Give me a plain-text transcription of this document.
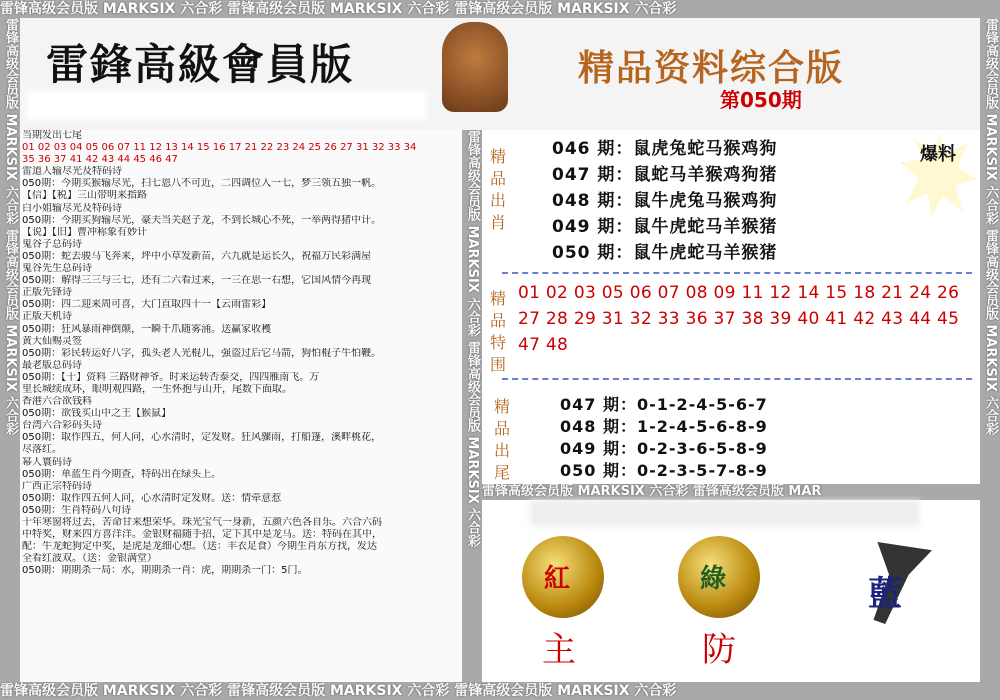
雷锋高级会员版 MARKSIX 六合彩 雷锋高级会员版 MARKSIX 六合彩 雷锋高级会员版 MARKSIX 六合彩
雷锋高级会员版 MARKSIX 六合彩 雷锋高级会员版 MARKSIX 六合彩 雷锋高级会员版 MARKSIX 六合彩
雷锋高级会员版 MARKSIX 六合彩 雷锋高级会员版 MARKSIX 六合彩	雷锋高级会员版 MARKSIX 六合彩 雷锋高级会员版 MARKSIX 六合彩
雷锋高级会员版 MARKSIX 六合彩 雷锋高级会员版 MARKSIX 六合彩 雷锋高级会员版 MARKSIX 六合彩 雷锋高级会员版 MAR
雷鋒高級會員版	精品资料综合版
第050期
当期发出七尾
01 02 03 04 05 06 07 11 12 13 14 15 16 17 21 22 23 24 25 26 27 31 32 33 34
35 36 37 41 42 43 44 45 46 47
雷道人输尽光及特码诗
050期：今期买猴输尽光，扫七恩八不可近，二四调位入一七，梦三领五独一帆。
【信】【税】三山带明来指路
白小姐输尽光及特码诗
050期：今期买狗输尽光，豪夫当关赵子龙，不到长城心不死，一举两得猪中计。
【说】【旧】曹冲称象有妙计
鬼谷子总码诗
050期：蛇去骏马飞奔来，坪中小草发新苗，六九就是运长久，祝福万民彩满屋
鬼谷先生总码诗
050期：解得三三与三七，还有二六看过来，一三在思一右想，它国风情今再现
正版先锋诗
050期：四二迎来周可喜，大门直取四十一【云雨雷彩】
正版天机诗
050期：狂风暴雨神倒颠，一瞬千爪随雾涌。送赢家收穫
黄大仙赐灵签
050期：彩民转运好八字，孤头老人光棍儿，强盗过后它马箭，狗怕棍子牛怕鞭。
最老版总码诗
050期：【十】资料 三路财神爷。时来运转否泰交，四四雁南飞。万
里长城续成环，眼明观四路，一生怀抱与山开，尾数下面取。
香港六合欲钱料
050期：欲钱买山中之王【猴鼠】
台湾六合彩码头诗
050期：取作四五，何人问，心水清时，定发财。狂风骤雨，打船篷，溪畔桃花，
尽落红。
幂人寰码诗
050期：单蓝生肖今期查，特码出在绿头上。
广西正宗特码诗
050期：取作四五何人问，心水清时定发财。送：情牵意惹
050期：生肖特码八句诗
十年寒窗将过去，苦命甘来想荣华。珠光宝气一身新，五颜六色各自乐。六合六码
中特奖，财来四方喜洋洋。金银财福随手招，定下其中是龙马。送：特码在其中，
配：牛龙蛇狗定中奖，是虎是龙细心想。（送：丰衣足食）今期生肖东方找，发达
全看红波双。（送：金银满堂）
050期：期期杀一局：水，期期杀一肖：虎，期期杀一门：5门。
精品出肖
046 期：鼠虎兔蛇马猴鸡狗
047 期：鼠蛇马羊猴鸡狗猪
048 期：鼠牛虎兔马猴鸡狗
049 期：鼠牛虎蛇马羊猴猪
050 期：鼠牛虎蛇马羊猴猪
爆料
精品特围
01 02 03 05 06 07 08 09 11 12 14 15 18 21 24 26 27 28 29 31 32 33 36 37 38 39 40 41 42 43 44 45 47 48
精品出尾
047 期：0-1-2-4-5-6-7
048 期：1-2-4-5-6-8-9
049 期：0-2-3-6-5-8-9
050 期：0-2-3-5-7-8-9
紅
主
綠
防
藍
